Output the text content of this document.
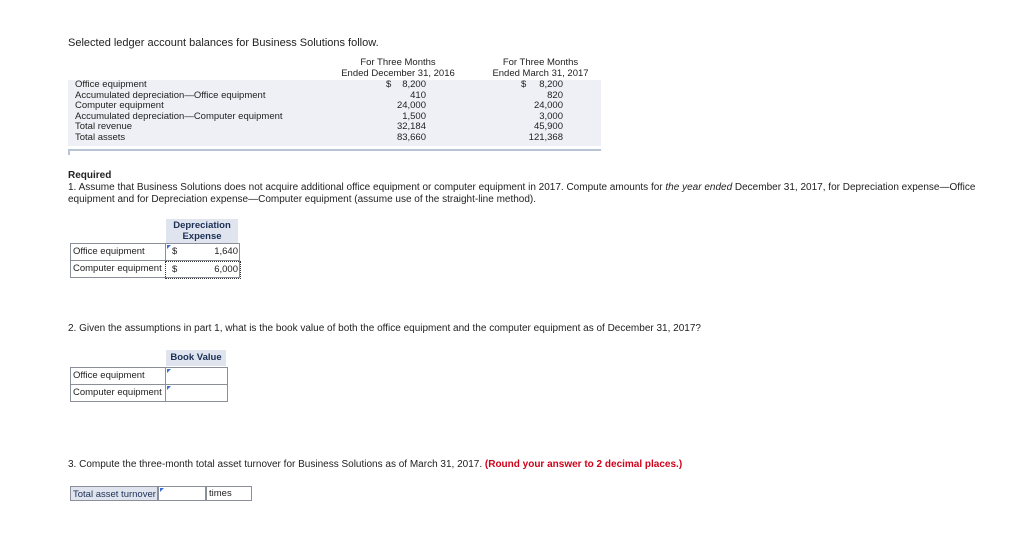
Selected ledger account balances for Business Solutions follow.
For Three Months
Ended December 31, 2016
For Three Months
Ended March 31, 2017
Office equipment	$	8,200	$	8,200
Accumulated depreciation—Office equipment	410	820
Computer equipment	24,000	24,000
Accumulated depreciation—Computer equipment	1,500	3,000
Total revenue	32,184	45,900
Total assets	83,660	121,368
Required
1. Assume that Business Solutions does not acquire additional office equipment or computer equipment in 2017. Compute amounts for the year ended December 31, 2017, for Depreciation expense—Office equipment and for Depreciation expense—Computer equipment (assume use of the straight-line method).
Depreciation
Expense
Office equipment	$	1,640
Computer equipment $	6,000
2. Given the assumptions in part 1, what is the book value of both the office equipment and the computer equipment as of December 31, 2017?
Book Value
Office equipment
Computer equipment
3. Compute the three-month total asset turnover for Business Solutions as of March 31, 2017. (Round your answer to 2 decimal places.)
Total asset turnover	times
